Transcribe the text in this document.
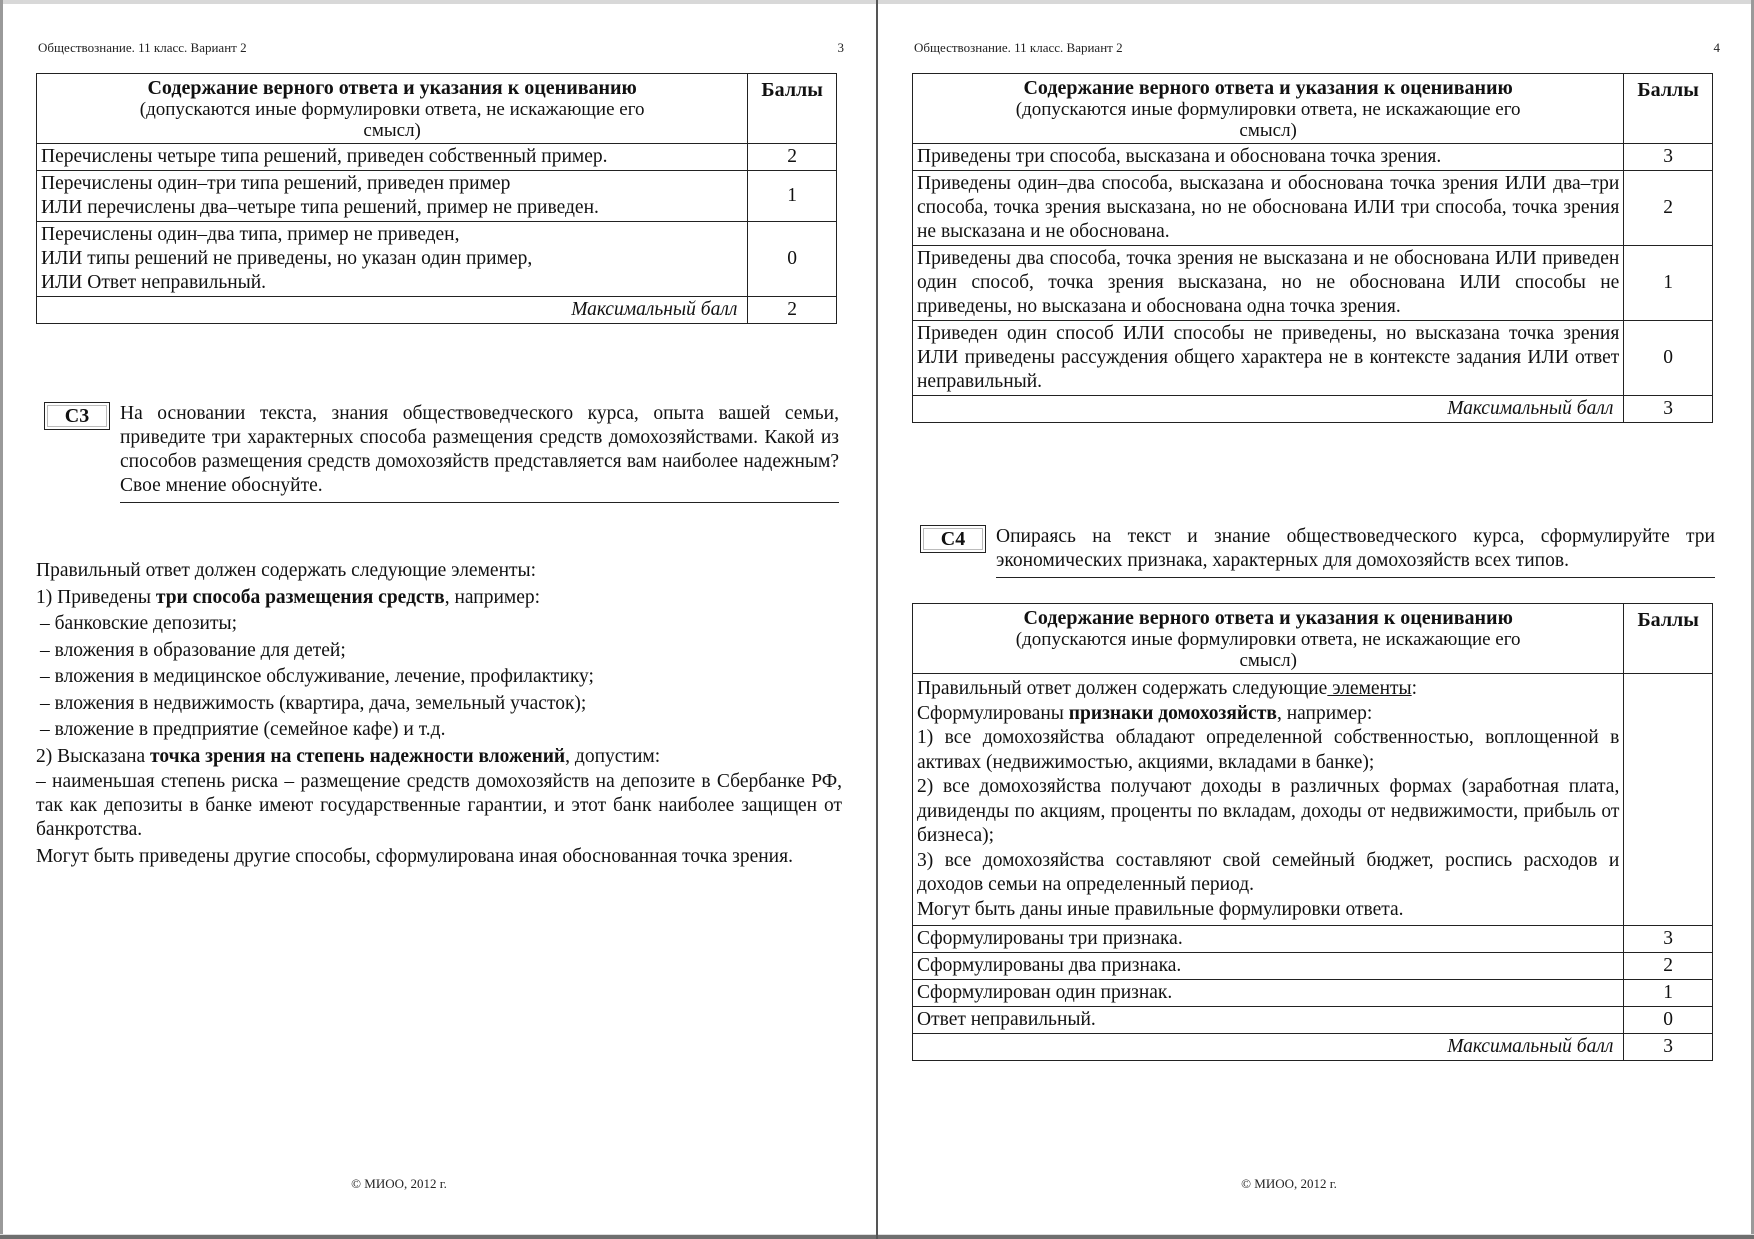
Обществознание. 11 класс. Вариант 2	3
Содержание верного ответа и указания к оцениванию
(допускаются иные формулировки ответа, не искажающие его
смысл)	Баллы

Перечислены четыре типа решений, приведен собственный пример.	2

Перечислены один–три типа решений, приведен пример
ИЛИ перечислены два–четыре типа решений, пример не приведен.	1

Перечислены один–два типа, пример не приведен,
ИЛИ типы решений не приведены, но указан один пример,
ИЛИ Ответ неправильный.	0
Максимальный балл	2
С3	На основании текста, знания обществоведческого курса, опыта вашей семьи, приведите три характерных способа размещения средств домохозяйствами. Какой из способов размещения средств домохозяйств представляется вам наиболее надежным? Свое мнение обоснуйте.

Правильный ответ должен содержать следующие элементы:

1) Приведены три способа размещения средств, например:

– банковские депозиты;

– вложения в образование для детей;

– вложения в медицинское обслуживание, лечение, профилактику;

– вложения в недвижимость (квартира, дача, земельный участок);

– вложение в предприятие (семейное кафе) и т.д.

2) Высказана точка зрения на степень надежности вложений, допустим:

– наименьшая степень риска – размещение средств домохозяйств на депозите в Сбербанке РФ, так как депозиты в банке имеют государственные гарантии, и этот банк наиболее защищен от банкротства.

Могут быть приведены другие способы, сформулирована иная обоснованная точка зрения.

© МИОО, 2012 г.
Обществознание. 11 класс. Вариант 2	4
Содержание верного ответа и указания к оцениванию
(допускаются иные формулировки ответа, не искажающие его
смысл)	Баллы
Приведены три способа, высказана и обоснована точка зрения.	3
Приведены один–два способа, высказана и обоснована точка зрения ИЛИ два–три способа, точка зрения высказана, но не обоснована ИЛИ три способа, точка зрения не высказана и не обоснована.	2
Приведены два способа, точка зрения не высказана и не обоснована ИЛИ приведен один способ, точка зрения высказана, но не обоснована ИЛИ способы не приведены, но высказана и обоснована одна точка зрения.	1
Приведен один способ ИЛИ способы не приведены, но высказана точка зрения ИЛИ приведены рассуждения общего характера не в контексте задания ИЛИ ответ неправильный.	0
Максимальный балл	3
С4	Опираясь на текст и знание обществоведческого курса, сформулируйте три экономических признака, характерных для домохозяйств всех типов.
Содержание верного ответа и указания к оцениванию
(допускаются иные формулировки ответа, не искажающие его
смысл)	Баллы

Правильный ответ должен содержать следующие элементы:
Сформулированы признаки домохозяйств, например:
1) все домохозяйства обладают определенной собственностью, воплощенной в активах (недвижимостью, акциями, вкладами в банке);
2) все домохозяйства получают доходы в различных формах (заработная плата, дивиденды по акциям, проценты по вкладам, доходы от недвижимости, прибыль от бизнеса);
3) все домохозяйства составляют свой семейный бюджет, роспись расходов и доходов семьи на определенный период.
Могут быть даны иные правильные формулировки ответа.

Сформулированы три признака.	3
Сформулированы два признака.	2
Сформулирован один признак.	1
Ответ неправильный.	0
Максимальный балл	3
© МИОО, 2012 г.
